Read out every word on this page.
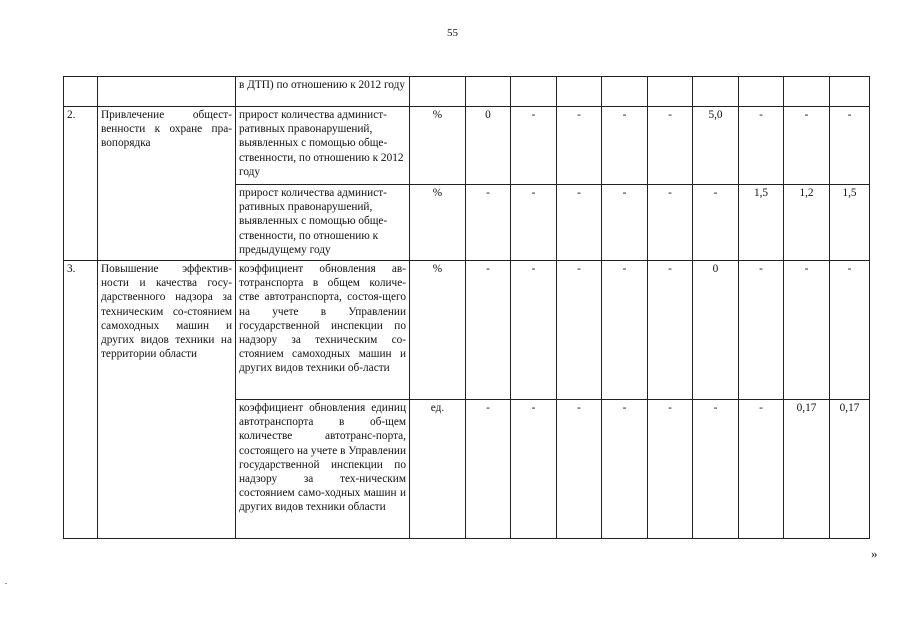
55
		в ДТП) по отношению к 2012 году										
2.	Привлечение общест-венности к охране пра-вопорядка	прирост количества админист-ративных правонарушений, выявленных с помощью обще-ственности, по отношению к 2012 году	%	0	-	-	-	-	5,0	-	-	-
		прирост количества админист-ративных правонарушений, выявленных с помощью обще-ственности, по отношению к предыдущему году	%	-	-	-	-	-	-	1,5	1,2	1,5
3.	Повышение эффектив-ности и качества госу-дарственного надзора за техническим со-стоянием самоходных машин и других видов техники на территории области	коэффициент обновления ав-тотранспорта в общем количе-стве автотранспорта, состоя-щего на учете в Управлении государственной инспекции по надзору за техническим со-стоянием самоходных машин и других видов техники об-ласти	%	-	-	-	-	-	0	-	-	-
		коэффициент обновления единиц автотранспорта в об-щем количестве автотранс-порта, состоящего на учете в Управлении государственной инспекции по надзору за тех-ническим состоянием само-ходных машин и других видов техники области	ед.	-	-	-	-	-	-	-	0,17	0,17
»
